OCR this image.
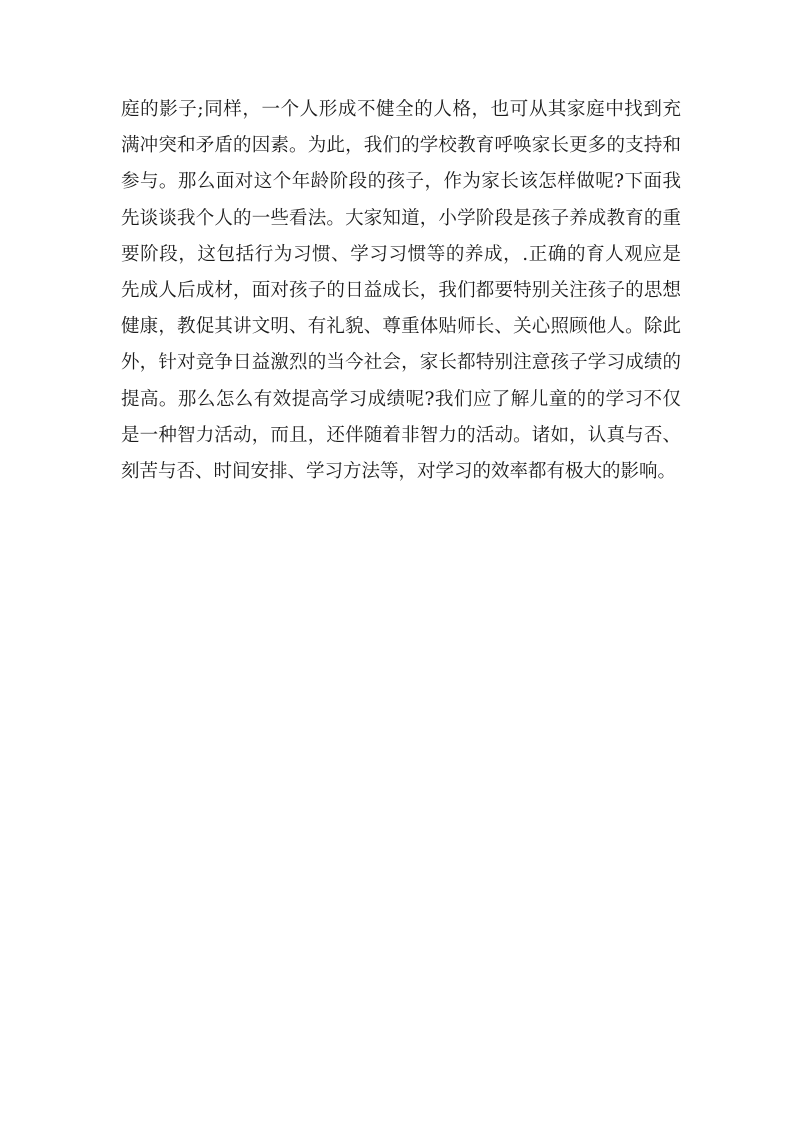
庭的影子;同样，一个人形成不健全的人格，也可从其家庭中找到充
满冲突和矛盾的因素。为此，我们的学校教育呼唤家长更多的支持和
参与。那么面对这个年龄阶段的孩子，作为家长该怎样做呢?下面我
先谈谈我个人的一些看法。大家知道，小学阶段是孩子养成教育的重
要阶段，这包括行为习惯、学习习惯等的养成，.正确的育人观应是
先成人后成材，面对孩子的日益成长，我们都要特别关注孩子的思想
健康，教促其讲文明、有礼貌、尊重体贴师长、关心照顾他人。除此
外，针对竞争日益激烈的当今社会，家长都特别注意孩子学习成绩的
提高。那么怎么有效提高学习成绩呢?我们应了解儿童的的学习不仅
是一种智力活动，而且，还伴随着非智力的活动。诸如，认真与否、
刻苦与否、时间安排、学习方法等，对学习的效率都有极大的影响。
